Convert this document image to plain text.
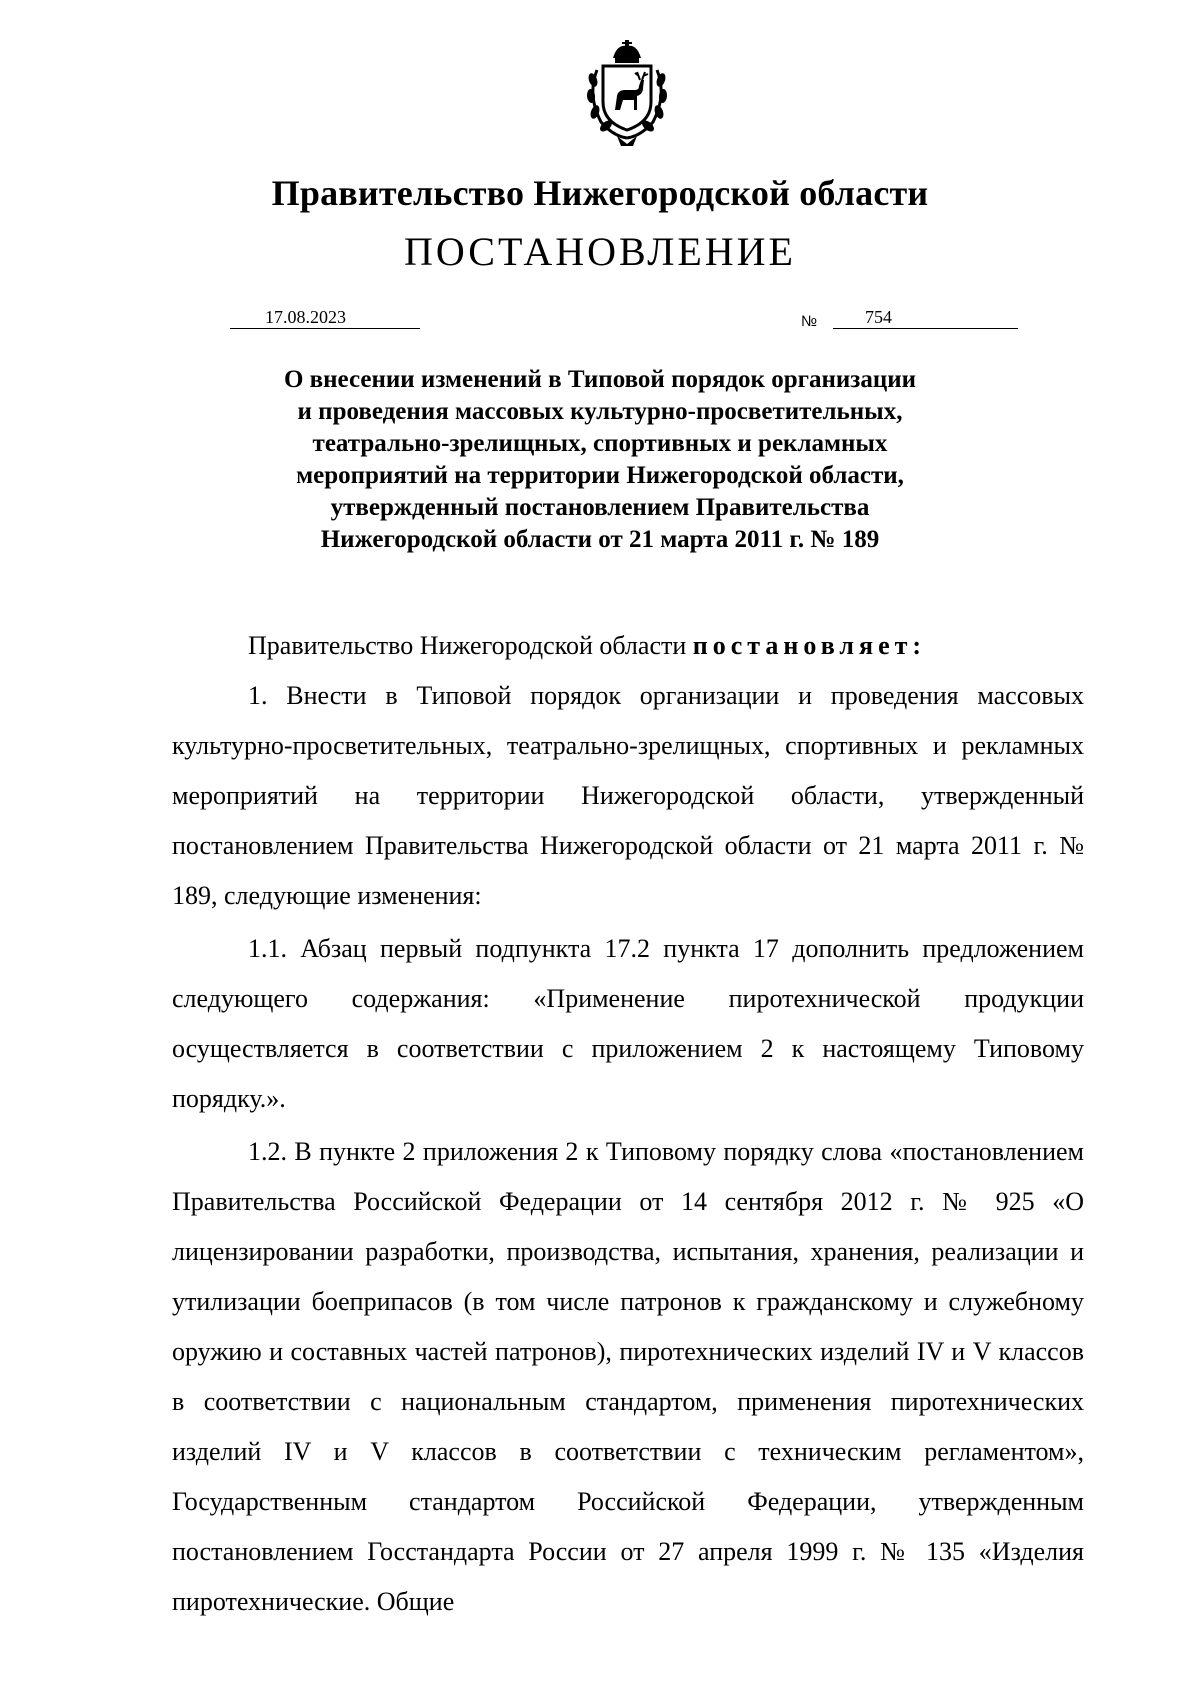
Правительство Нижегородской области
ПОСТАНОВЛЕНИЕ
17.08.2023	№	754
О внесении изменений в Типовой порядок организации
и проведения массовых культурно-просветительных,
театрально-зрелищных, спортивных и рекламных
мероприятий на территории Нижегородской области,
утвержденный постановлением Правительства
Нижегородской области от 21 марта 2011 г. № 189

Правительство Нижегородской области постановляет:

1. Внести в Типовой порядок организации и проведения массовых культурно-просветительных, театрально-зрелищных, спортивных и рекламных мероприятий на территории Нижегородской области, утвержденный постановлением Правительства Нижегородской области от 21 марта 2011 г. № 189, следующие изменения:

1.1. Абзац первый подпункта 17.2 пункта 17 дополнить предложением следующего содержания: «Применение пиротехнической продукции осуществляется в соответствии с приложением 2 к настоящему Типовому порядку.».

1.2. В пункте 2 приложения 2 к Типовому порядку слова «постановлением Правительства Российской Федерации от 14 сентября 2012 г. № 925 «О лицензировании разработки, производства, испытания, хранения, реализации и утилизации боеприпасов (в том числе патронов к гражданскому и служебному оружию и составных частей патронов), пиротехнических изделий IV и V классов в соответствии с национальным стандартом, применения пиротехнических изделий IV и V классов в соответствии с техническим регламентом», Государственным стандартом Российской Федерации, утвержденным постановлением Госстандарта России от 27 апреля 1999 г. № 135 «Изделия пиротехнические. Общие
